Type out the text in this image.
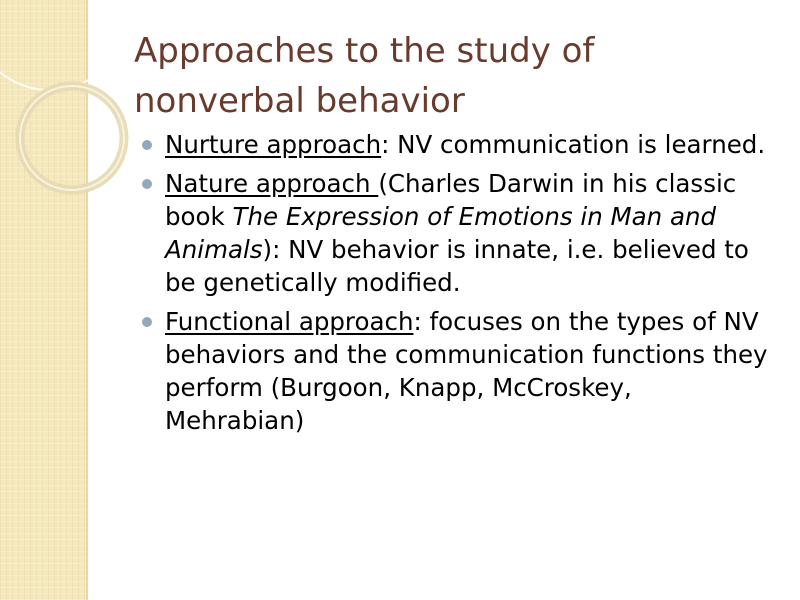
Approaches to the study of
nonverbal behavior
Nurture approach: NV communication is learned.
Nature approach (Charles Darwin in his classic book The Expression of Emotions in Man and Animals): NV behavior is innate, i.e. believed to be genetically modified.
Functional approach: focuses on the types of NV behaviors and the communication functions they perform (Burgoon, Knapp, McCroskey, Mehrabian)
